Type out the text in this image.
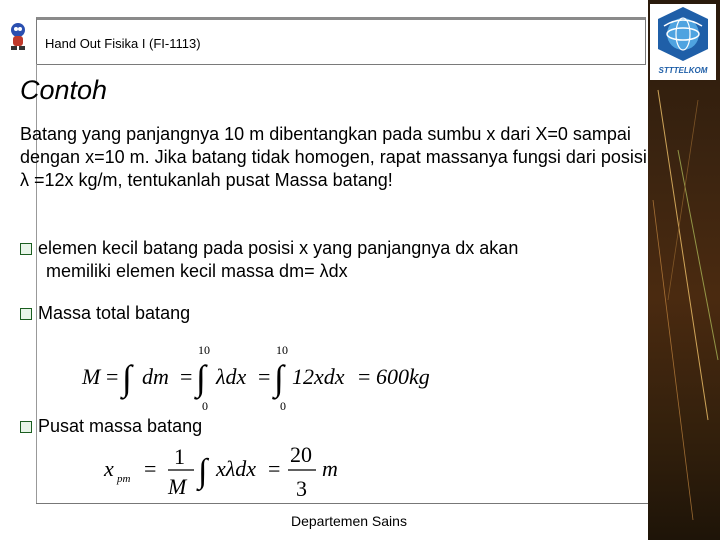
STTTELKOM
Hand Out Fisika I (FI-1113)
Contoh
Batang yang panjangnya 10 m dibentangkan pada sumbu x dari X=0 sampai dengan x=10 m. Jika batang tidak homogen, rapat massanya fungsi dari posisi λ =12x kg/m, tentukanlah pusat Massa batang!
elemen kecil batang pada posisi x yang panjangnya dx akan
memiliki elemen kecil massa dm= λdx
Massa total batang
M = ∫ dm =
10
∫
0
λdx =
10
∫
0
12xdx = 600kg
Pusat massa batang
x pm = 1
M ∫ xλdx =
20
3
m
Departemen Sains
